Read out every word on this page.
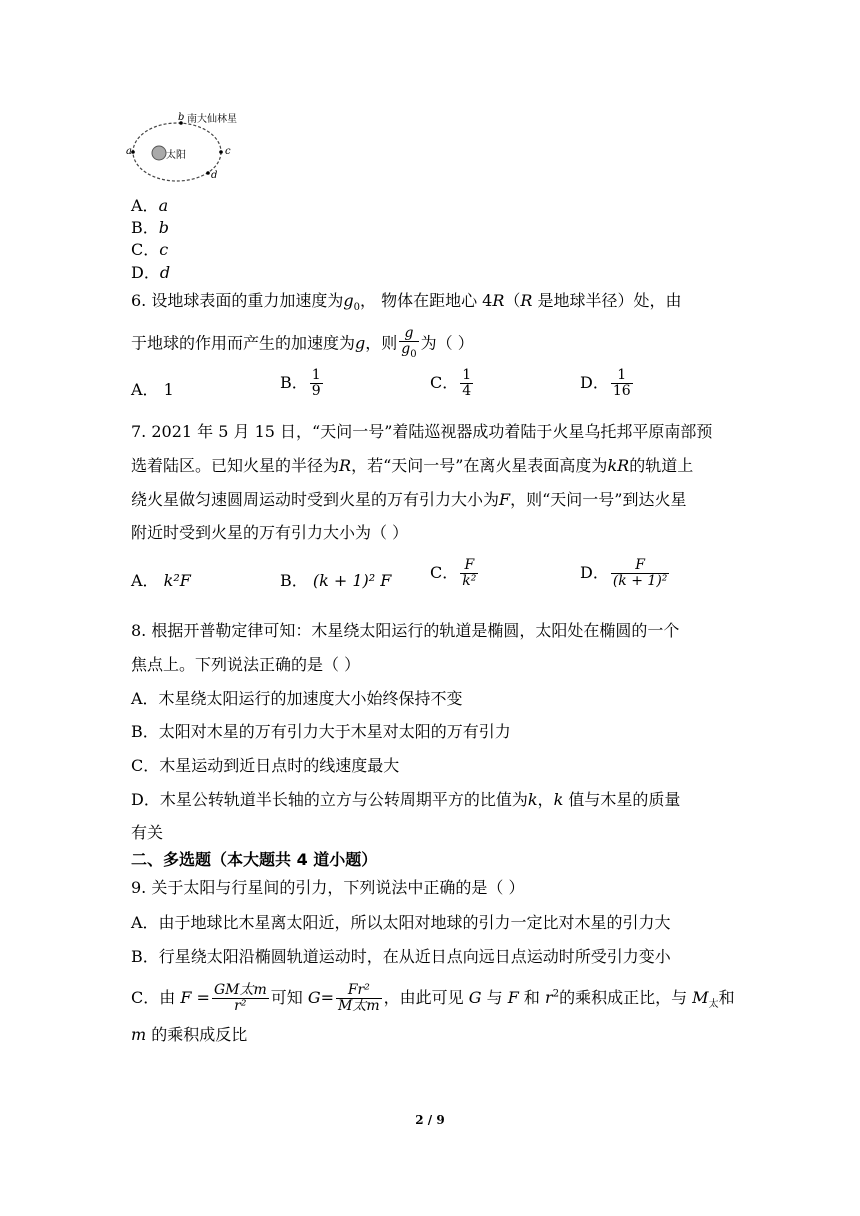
南大仙林星
太阳
a
b
c
d
A．a
B．b
C．c
D．d
6. 设地球表面的重力加速度为$g_0$， 物体在距地心 4R（R 是地球半径）处，由
于地球的作用而产生的加速度为g，则 $\frac{g}{g_0}$ 为（ ）
A． 1	B． $\frac{1}{9}$	C． $\frac{1}{4}$	D． $\frac{1}{16}$
7. 2021 年 5 月 15 日，“天问一号”着陆巡视器成功着陆于火星乌托邦平原南部预
选着陆区。已知火星的半径为R，若“天问一号”在离火星表面高度为kR的轨道上
绕火星做匀速圆周运动时受到火星的万有引力大小为F，则“天问一号”到达火星
附近时受到火星的万有引力大小为（ ）
A． k²F	B． (k + 1)² F C． $\frac{F}{\text{k²}}$	D． $\frac{F}{\text{(k + 1)²}}$
8. 根据开普勒定律可知：木星绕太阳运行的轨道是椭圆，太阳处在椭圆的一个
焦点上。下列说法正确的是（ ）
A．木星绕太阳运行的加速度大小始终保持不变
B．太阳对木星的万有引力大于木星对太阳的万有引力
C．木星运动到近日点时的线速度最大
D．木星公转轨道半长轴的立方与公转周期平方的比值为k，k 值与木星的质量
有关
二、多选题（本大题共 4 道小题）
9. 关于太阳与行星间的引力，下列说法中正确的是（ ）
A．由于地球比木星离太阳近，所以太阳对地球的引力一定比对木星的引力大
B．行星绕太阳沿椭圆轨道运动时，在从近日点向远日点运动时所受引力变小
C．由 $F = \frac{\text{GM太m}}{\text{r²}}$ 可知 $G= \frac{\text{Fr²}}{\text{M太m}}$ ，由此可见 G 与 F 和 $r^2$的乘积成正比，与 $M_太$和
m 的乘积成反比
2 / 9
